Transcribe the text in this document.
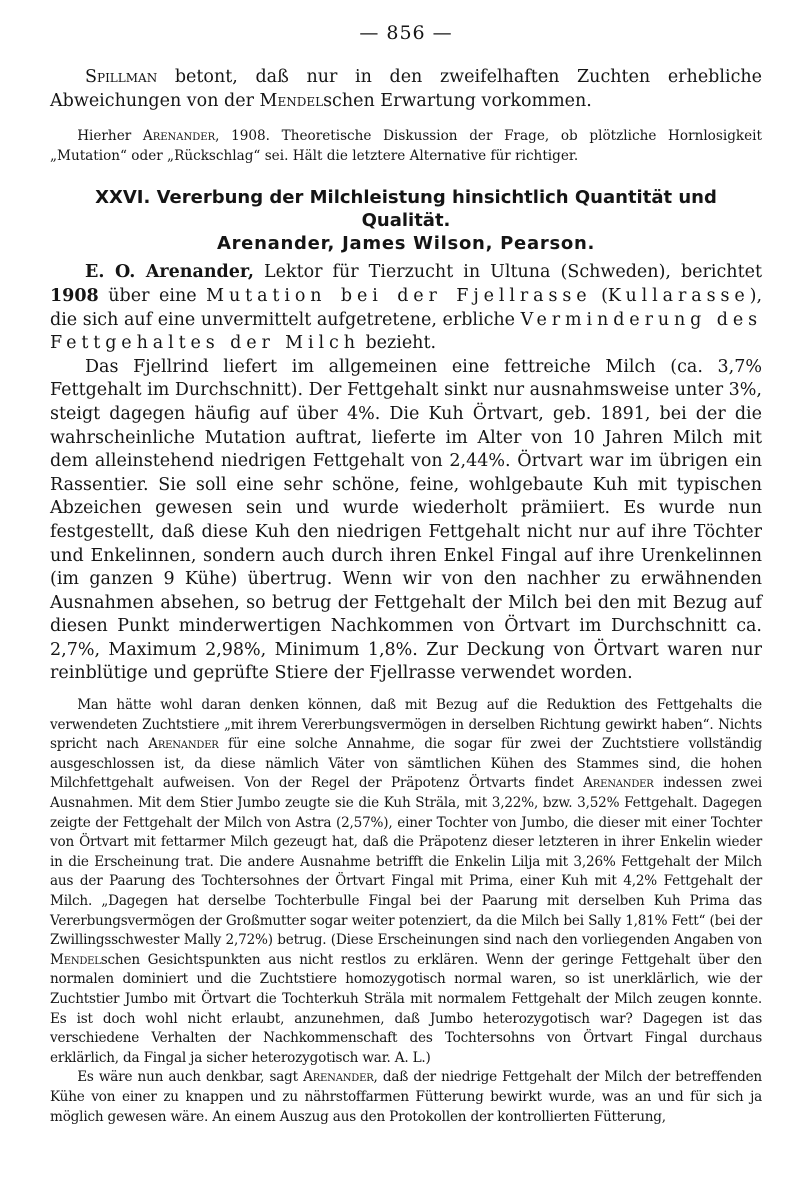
— 856 —

Spillman betont, daß nur in den zweifelhaften Zuchten erhebliche Abweichungen von der Mendelschen Erwartung vorkommen.

Hierher Arenander, 1908. Theoretische Diskussion der Frage, ob plötzliche Hornlosigkeit „Mutation“ oder „Rückschlag“ sei. Hält die letztere Alternative für richtiger.

XXVI. Vererbung der Milchleistung hinsichtlich Quantität und Qualität.
Arenander, James Wilson, Pearson.

E. O. Arenander, Lektor für Tierzucht in Ultuna (Schweden), berichtet 1908 über eine Mutation bei der Fjellrasse (Kullarasse), die sich auf eine unvermittelt aufgetretene, erbliche Verminderung des Fettgehaltes der Milch bezieht.

Das Fjellrind liefert im allgemeinen eine fettreiche Milch (ca. 3,7% Fettgehalt im Durchschnitt). Der Fettgehalt sinkt nur ausnahmsweise unter 3%, steigt dagegen häufig auf über 4%. Die Kuh Örtvart, geb. 1891, bei der die wahrscheinliche Mutation auftrat, lieferte im Alter von 10 Jahren Milch mit dem alleinstehend niedrigen Fettgehalt von 2,44%. Örtvart war im übrigen ein Rassentier. Sie soll eine sehr schöne, feine, wohlgebaute Kuh mit typischen Abzeichen gewesen sein und wurde wiederholt prämiiert. Es wurde nun festgestellt, daß diese Kuh den niedrigen Fettgehalt nicht nur auf ihre Töchter und Enkelinnen, sondern auch durch ihren Enkel Fingal auf ihre Urenkelinnen (im ganzen 9 Kühe) übertrug. Wenn wir von den nachher zu erwähnenden Ausnahmen absehen, so betrug der Fettgehalt der Milch bei den mit Bezug auf diesen Punkt minderwertigen Nachkommen von Örtvart im Durchschnitt ca. 2,7%, Maximum 2,98%, Minimum 1,8%. Zur Deckung von Örtvart waren nur reinblütige und geprüfte Stiere der Fjellrasse verwendet worden.

Man hätte wohl daran denken können, daß mit Bezug auf die Reduktion des Fettgehalts die verwendeten Zuchtstiere „mit ihrem Vererbungsvermögen in derselben Richtung gewirkt haben“. Nichts spricht nach Arenander für eine solche Annahme, die sogar für zwei der Zuchtstiere vollständig ausgeschlossen ist, da diese nämlich Väter von sämtlichen Kühen des Stammes sind, die hohen Milchfettgehalt aufweisen. Von der Regel der Präpotenz Örtvarts findet Arenander indessen zwei Ausnahmen. Mit dem Stier Jumbo zeugte sie die Kuh Sträla, mit 3,22%, bzw. 3,52% Fettgehalt. Dagegen zeigte der Fettgehalt der Milch von Astra (2,57%), einer Tochter von Jumbo, die dieser mit einer Tochter von Örtvart mit fettarmer Milch gezeugt hat, daß die Präpotenz dieser letzteren in ihrer Enkelin wieder in die Erscheinung trat. Die andere Ausnahme betrifft die Enkelin Lilja mit 3,26% Fettgehalt der Milch aus der Paarung des Tochtersohnes der Örtvart Fingal mit Prima, einer Kuh mit 4,2% Fettgehalt der Milch. „Dagegen hat derselbe Tochterbulle Fingal bei der Paarung mit derselben Kuh Prima das Vererbungsvermögen der Großmutter sogar weiter potenziert, da die Milch bei Sally 1,81% Fett“ (bei der Zwillingsschwester Mally 2,72%) betrug. (Diese Erscheinungen sind nach den vorliegenden Angaben von Mendelschen Gesichtspunkten aus nicht restlos zu erklären. Wenn der geringe Fettgehalt über den normalen dominiert und die Zuchtstiere homozygotisch normal waren, so ist unerklärlich, wie der Zuchtstier Jumbo mit Örtvart die Tochterkuh Sträla mit normalem Fettgehalt der Milch zeugen konnte. Es ist doch wohl nicht erlaubt, anzunehmen, daß Jumbo heterozygotisch war? Dagegen ist das verschiedene Verhalten der Nachkommenschaft des Tochtersohns von Örtvart Fingal durchaus erklärlich, da Fingal ja sicher heterozygotisch war. A. L.)

Es wäre nun auch denkbar, sagt Arenander, daß der niedrige Fettgehalt der Milch der betreffenden Kühe von einer zu knappen und zu nährstoffarmen Fütterung bewirkt wurde, was an und für sich ja möglich gewesen wäre. An einem Auszug aus den Protokollen der kontrollierten Fütterung,
